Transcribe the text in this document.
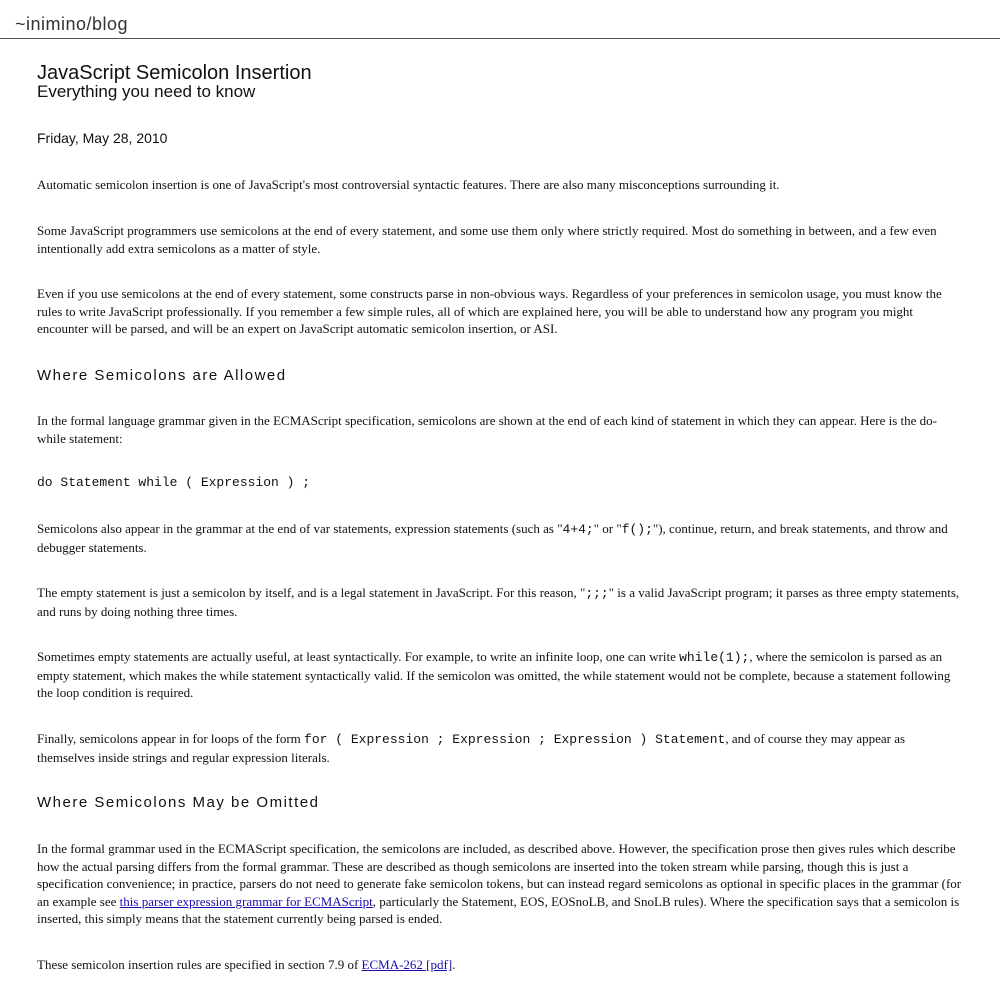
~inimino/blog
JavaScript Semicolon Insertion
Everything you need to know

Friday, May 28, 2010

Automatic semicolon insertion is one of JavaScript's most controversial syntactic features. There are also many misconceptions surrounding it.

Some JavaScript programmers use semicolons at the end of every statement, and some use them only where strictly required. Most do something in between, and a few even intentionally add extra semicolons as a matter of style.

Even if you use semicolons at the end of every statement, some constructs parse in non-obvious ways. Regardless of your preferences in semicolon usage, you must know the rules to write JavaScript professionally. If you remember a few simple rules, all of which are explained here, you will be able to understand how any program you might encounter will be parsed, and will be an expert on JavaScript automatic semicolon insertion, or ASI.

Where Semicolons are Allowed

In the formal language grammar given in the ECMAScript specification, semicolons are shown at the end of each kind of statement in which they can appear. Here is the do-while statement:

do Statement while ( Expression ) ;

Semicolons also appear in the grammar at the end of var statements, expression statements (such as "4+4;" or "f();"), continue, return, and break statements, and throw and debugger statements.

The empty statement is just a semicolon by itself, and is a legal statement in JavaScript. For this reason, ";;;" is a valid JavaScript program; it parses as three empty statements, and runs by doing nothing three times.

Sometimes empty statements are actually useful, at least syntactically. For example, to write an infinite loop, one can write while(1);, where the semicolon is parsed as an empty statement, which makes the while statement syntactically valid. If the semicolon was omitted, the while statement would not be complete, because a statement following the loop condition is required.

Finally, semicolons appear in for loops of the form for ( Expression ; Expression ; Expression ) Statement, and of course they may appear as themselves inside strings and regular expression literals.

Where Semicolons May be Omitted

In the formal grammar used in the ECMAScript specification, the semicolons are included, as described above. However, the specification prose then gives rules which describe how the actual parsing differs from the formal grammar. These are described as though semicolons are inserted into the token stream while parsing, though this is just a specification convenience; in practice, parsers do not need to generate fake semicolon tokens, but can instead regard semicolons as optional in specific places in the grammar (for an example see this parser expression grammar for ECMAScript, particularly the Statement, EOS, EOSnoLB, and SnoLB rules). Where the specification says that a semicolon is inserted, this simply means that the statement currently being parsed is ended.

These semicolon insertion rules are specified in section 7.9 of ECMA-262 [pdf].
